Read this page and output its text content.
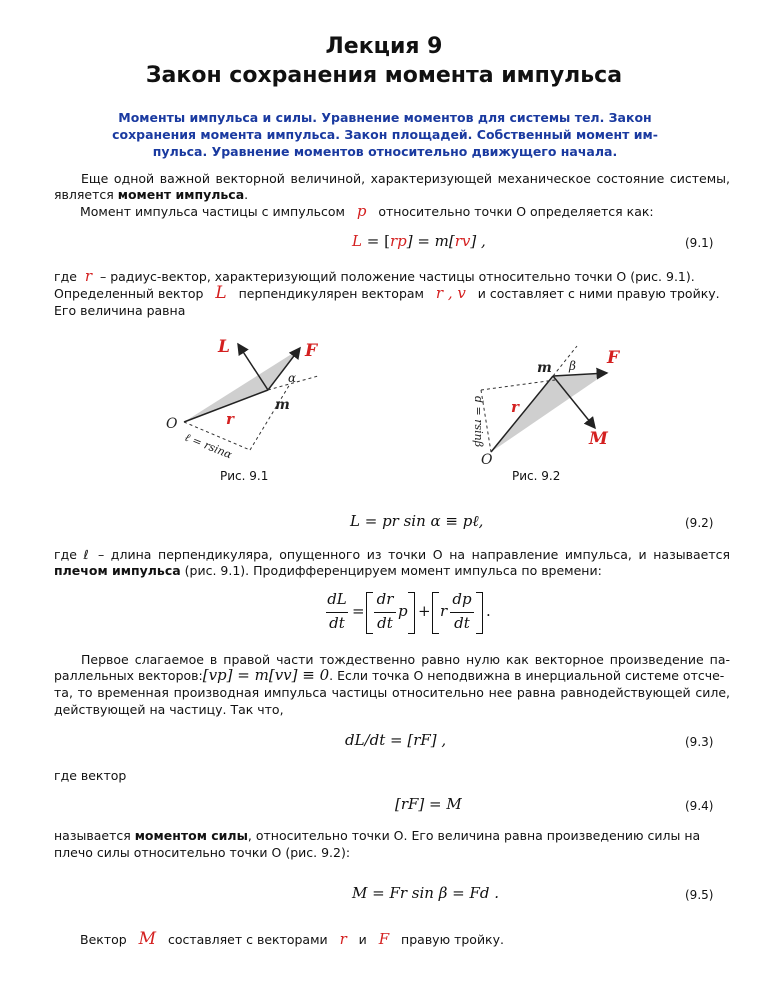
Лекция 9
Закон сохранения момента импульса
Моменты импульса и силы. Уравнение моментов для системы тел. Закон
сохранения момента импульса. Закон площадей. Собственный момент им-
пульса. Уравнение моментов относительно движущего начала.
Еще одной важной векторной величиной, характеризующей механическое состояние системы,
является момент импульса.
Момент импульса частицы с импульсом p относительно точки О определяется как:
L = [rp] = m[rv] ,	(9.1)
где r – радиус-вектор, характеризующий положение частицы относительно точки О (рис. 9.1).
Определенный вектор L перпендикулярен векторам r , v и составляет с ними правую тройку.
Его величина равна
L	F
α
m
O	r
ℓ = rsinα
Рис. 9.1
m β F
r
d = rsinβ	M
O
Рис. 9.2
L = pr sin α ≡ pℓ,	(9.2)
где ℓ – длина перпендикуляра, опущенного из точки О на направление импульса, и называется
плечом импульса (рис. 9.1). Продифференцируем момент импульса по времени:
dL
dt
=
dr
dt
p + r
dp
dt
.
Первое слагаемое в правой части тождественно равно нулю как векторное произведение па-
раллельных векторов:[vp] = m[vv] ≡ 0. Если точка О неподвижна в инерциальной системе отсче-
та, то временная производная импульса частицы относительно нее равна равнодействующей силе,
действующей на частицу. Так что,
dL/dt = [rF] ,	(9.3)
где вектор
[rF] = M	(9.4)
называется моментом силы, относительно точки О. Его величина равна произведению силы на
плечо силы относительно точки О (рис. 9.2):
M = Fr sin β = Fd .	(9.5)
Вектор M составляет с векторами r и F правую тройку.
